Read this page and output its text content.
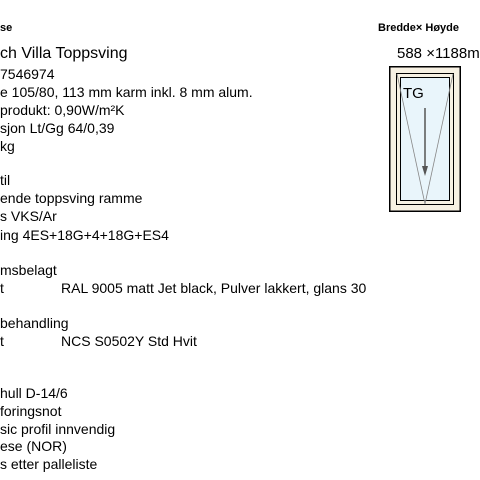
se	Bredde× Høyde
ch Villa Toppsving	588 ×1188m
7546974
e 105/80, 113 mm karm inkl. 8 mm alum.
produkt: 0,90W/m²K
sjon Lt/Gg 64/0,39
kg
til
ende toppsving ramme
s VKS/Ar
ing 4ES+18G+4+18G+ES4
msbelagt
t	RAL 9005 matt Jet black, Pulver lakkert, glans 30
behandling
t	NCS S0502Y Std Hvit
hull D-14/6
foringsnot
sic profil innvendig
ese (NOR)
s etter palleliste
TG
